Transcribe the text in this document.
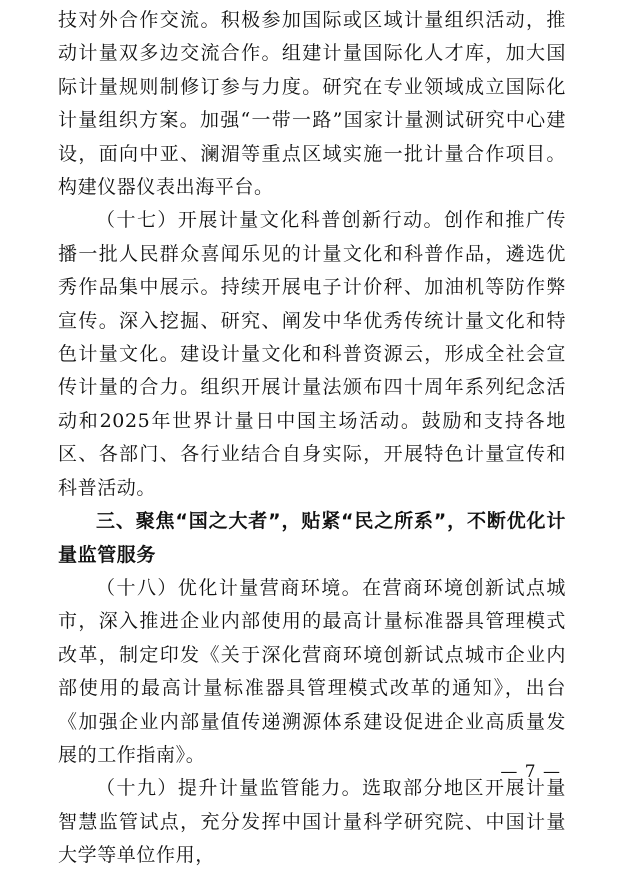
技对外合作交流。积极参加国际或区域计量组织活动，推动计量双多边交流合作。组建计量国际化人才库，加大国际计量规则制修订参与力度。研究在专业领域成立国际化计量组织方案。加强“一带一路”国家计量测试研究中心建设，面向中亚、澜湄等重点区域实施一批计量合作项目。构建仪器仪表出海平台。

（十七）开展计量文化科普创新行动。创作和推广传播一批人民群众喜闻乐见的计量文化和科普作品，遴选优秀作品集中展示。持续开展电子计价秤、加油机等防作弊宣传。深入挖掘、研究、阐发中华优秀传统计量文化和特色计量文化。建设计量文化和科普资源云，形成全社会宣传计量的合力。组织开展计量法颁布四十周年系列纪念活动和2025年世界计量日中国主场活动。鼓励和支持各地区、各部门、各行业结合自身实际，开展特色计量宣传和科普活动。

三、聚焦“国之大者”，贴紧“民之所系”，不断优化计量监管服务

（十八）优化计量营商环境。在营商环境创新试点城市，深入推进企业内部使用的最高计量标准器具管理模式改革，制定印发《关于深化营商环境创新试点城市企业内部使用的最高计量标准器具管理模式改革的通知》，出台《加强企业内部量值传递溯源体系建设促进企业高质量发展的工作指南》。

（十九）提升计量监管能力。选取部分地区开展计量智慧监管试点，充分发挥中国计量科学研究院、中国计量大学等单位作用，

— 7 —
